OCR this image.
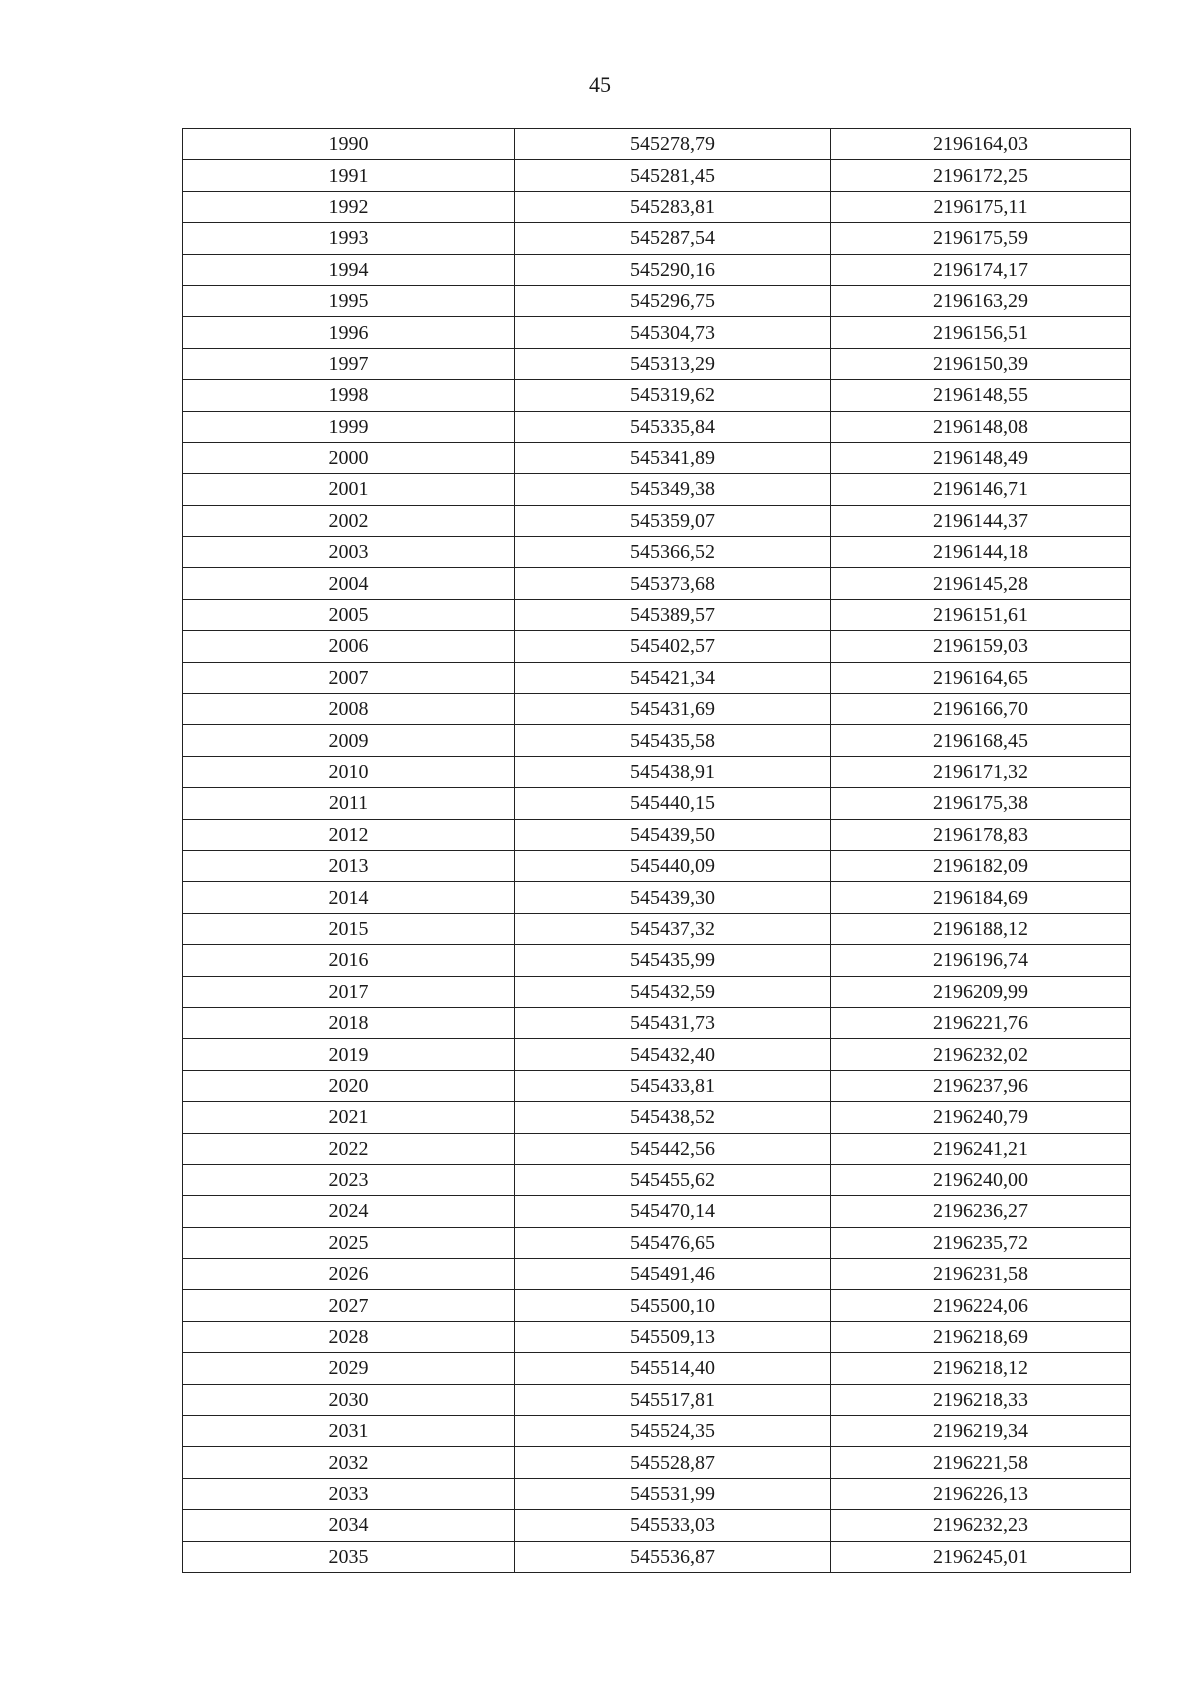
45
1990	545278,79	2196164,03
1991	545281,45	2196172,25
1992	545283,81	2196175,11
1993	545287,54	2196175,59
1994	545290,16	2196174,17
1995	545296,75	2196163,29
1996	545304,73	2196156,51
1997	545313,29	2196150,39
1998	545319,62	2196148,55
1999	545335,84	2196148,08
2000	545341,89	2196148,49
2001	545349,38	2196146,71
2002	545359,07	2196144,37
2003	545366,52	2196144,18
2004	545373,68	2196145,28
2005	545389,57	2196151,61
2006	545402,57	2196159,03
2007	545421,34	2196164,65
2008	545431,69	2196166,70
2009	545435,58	2196168,45
2010	545438,91	2196171,32
2011	545440,15	2196175,38
2012	545439,50	2196178,83
2013	545440,09	2196182,09
2014	545439,30	2196184,69
2015	545437,32	2196188,12
2016	545435,99	2196196,74
2017	545432,59	2196209,99
2018	545431,73	2196221,76
2019	545432,40	2196232,02
2020	545433,81	2196237,96
2021	545438,52	2196240,79
2022	545442,56	2196241,21
2023	545455,62	2196240,00
2024	545470,14	2196236,27
2025	545476,65	2196235,72
2026	545491,46	2196231,58
2027	545500,10	2196224,06
2028	545509,13	2196218,69
2029	545514,40	2196218,12
2030	545517,81	2196218,33
2031	545524,35	2196219,34
2032	545528,87	2196221,58
2033	545531,99	2196226,13
2034	545533,03	2196232,23
2035	545536,87	2196245,01
